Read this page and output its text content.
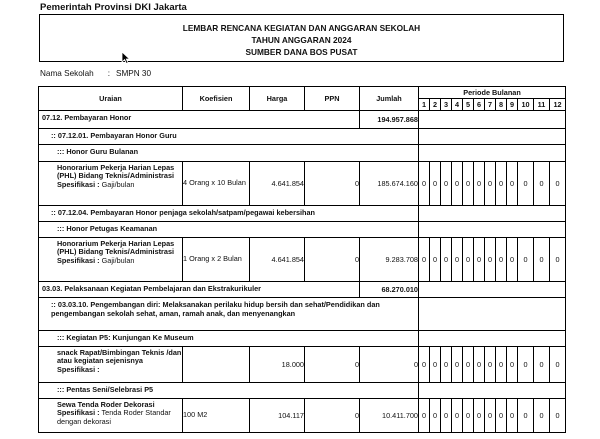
Pemerintah Provinsi DKI Jakarta
LEMBAR RENCANA KEGIATAN DAN ANGGARAN SEKOLAH
TAHUN ANGGARAN 2024
SUMBER DANA BOS PUSAT
Nama Sekolah : SMPN 30
Uraian	Koefisien	Harga	PPN	Jumlah	Periode Bulanan											
					1	2	3	4	5	6	7	8	9	10	11	12
07.12. Pembayaran Honor				194.957.868												
:: 07.12.01. Pembayaran Honor Guru																
::: Honor Guru Bulanan																
Honorarium Pekerja Harian Lepas (PHL) Bidang Teknis/Administrasi
Spesifikasi : Gaji/bulan	4 Orang x 10 Bulan	4.641.854	0	185.674.160	0	0	0	0	0	0	0	0	0	0	0	0
:: 07.12.04. Pembayaran Honor penjaga sekolah/satpam/pegawai kebersihan																
::: Honor Petugas Keamanan																
Honorarium Pekerja Harian Lepas (PHL) Bidang Teknis/Administrasi
Spesifikasi : Gaji/bulan	1 Orang x 2 Bulan	4.641.854	0	9.283.708	0	0	0	0	0	0	0	0	0	0	0	0
03.03. Pelaksanaan Kegiatan Pembelajaran dan Ekstrakurikuler				68.270.010												
:: 03.03.10. Pengembangan diri: Melaksanakan perilaku hidup bersih dan sehat/Pendidikan dan pengembangan sekolah sehat, aman, ramah anak, dan menyenangkan																
::: Kegiatan P5: Kunjungan Ke Museum																
snack Rapat/Bimbingan Teknis /dan atau kegiatan sejenisnya
Spesifikasi :		18.000	0	0	0	0	0	0	0	0	0	0	0	0	0	0
::: Pentas Seni/Selebrasi P5																
Sewa Tenda Roder Dekorasi
Spesifikasi : Tenda Roder Standar dengan dekorasi	100 M2	104.117	0	10.411.700	0	0	0	0	0	0	0	0	0	0	0	0
